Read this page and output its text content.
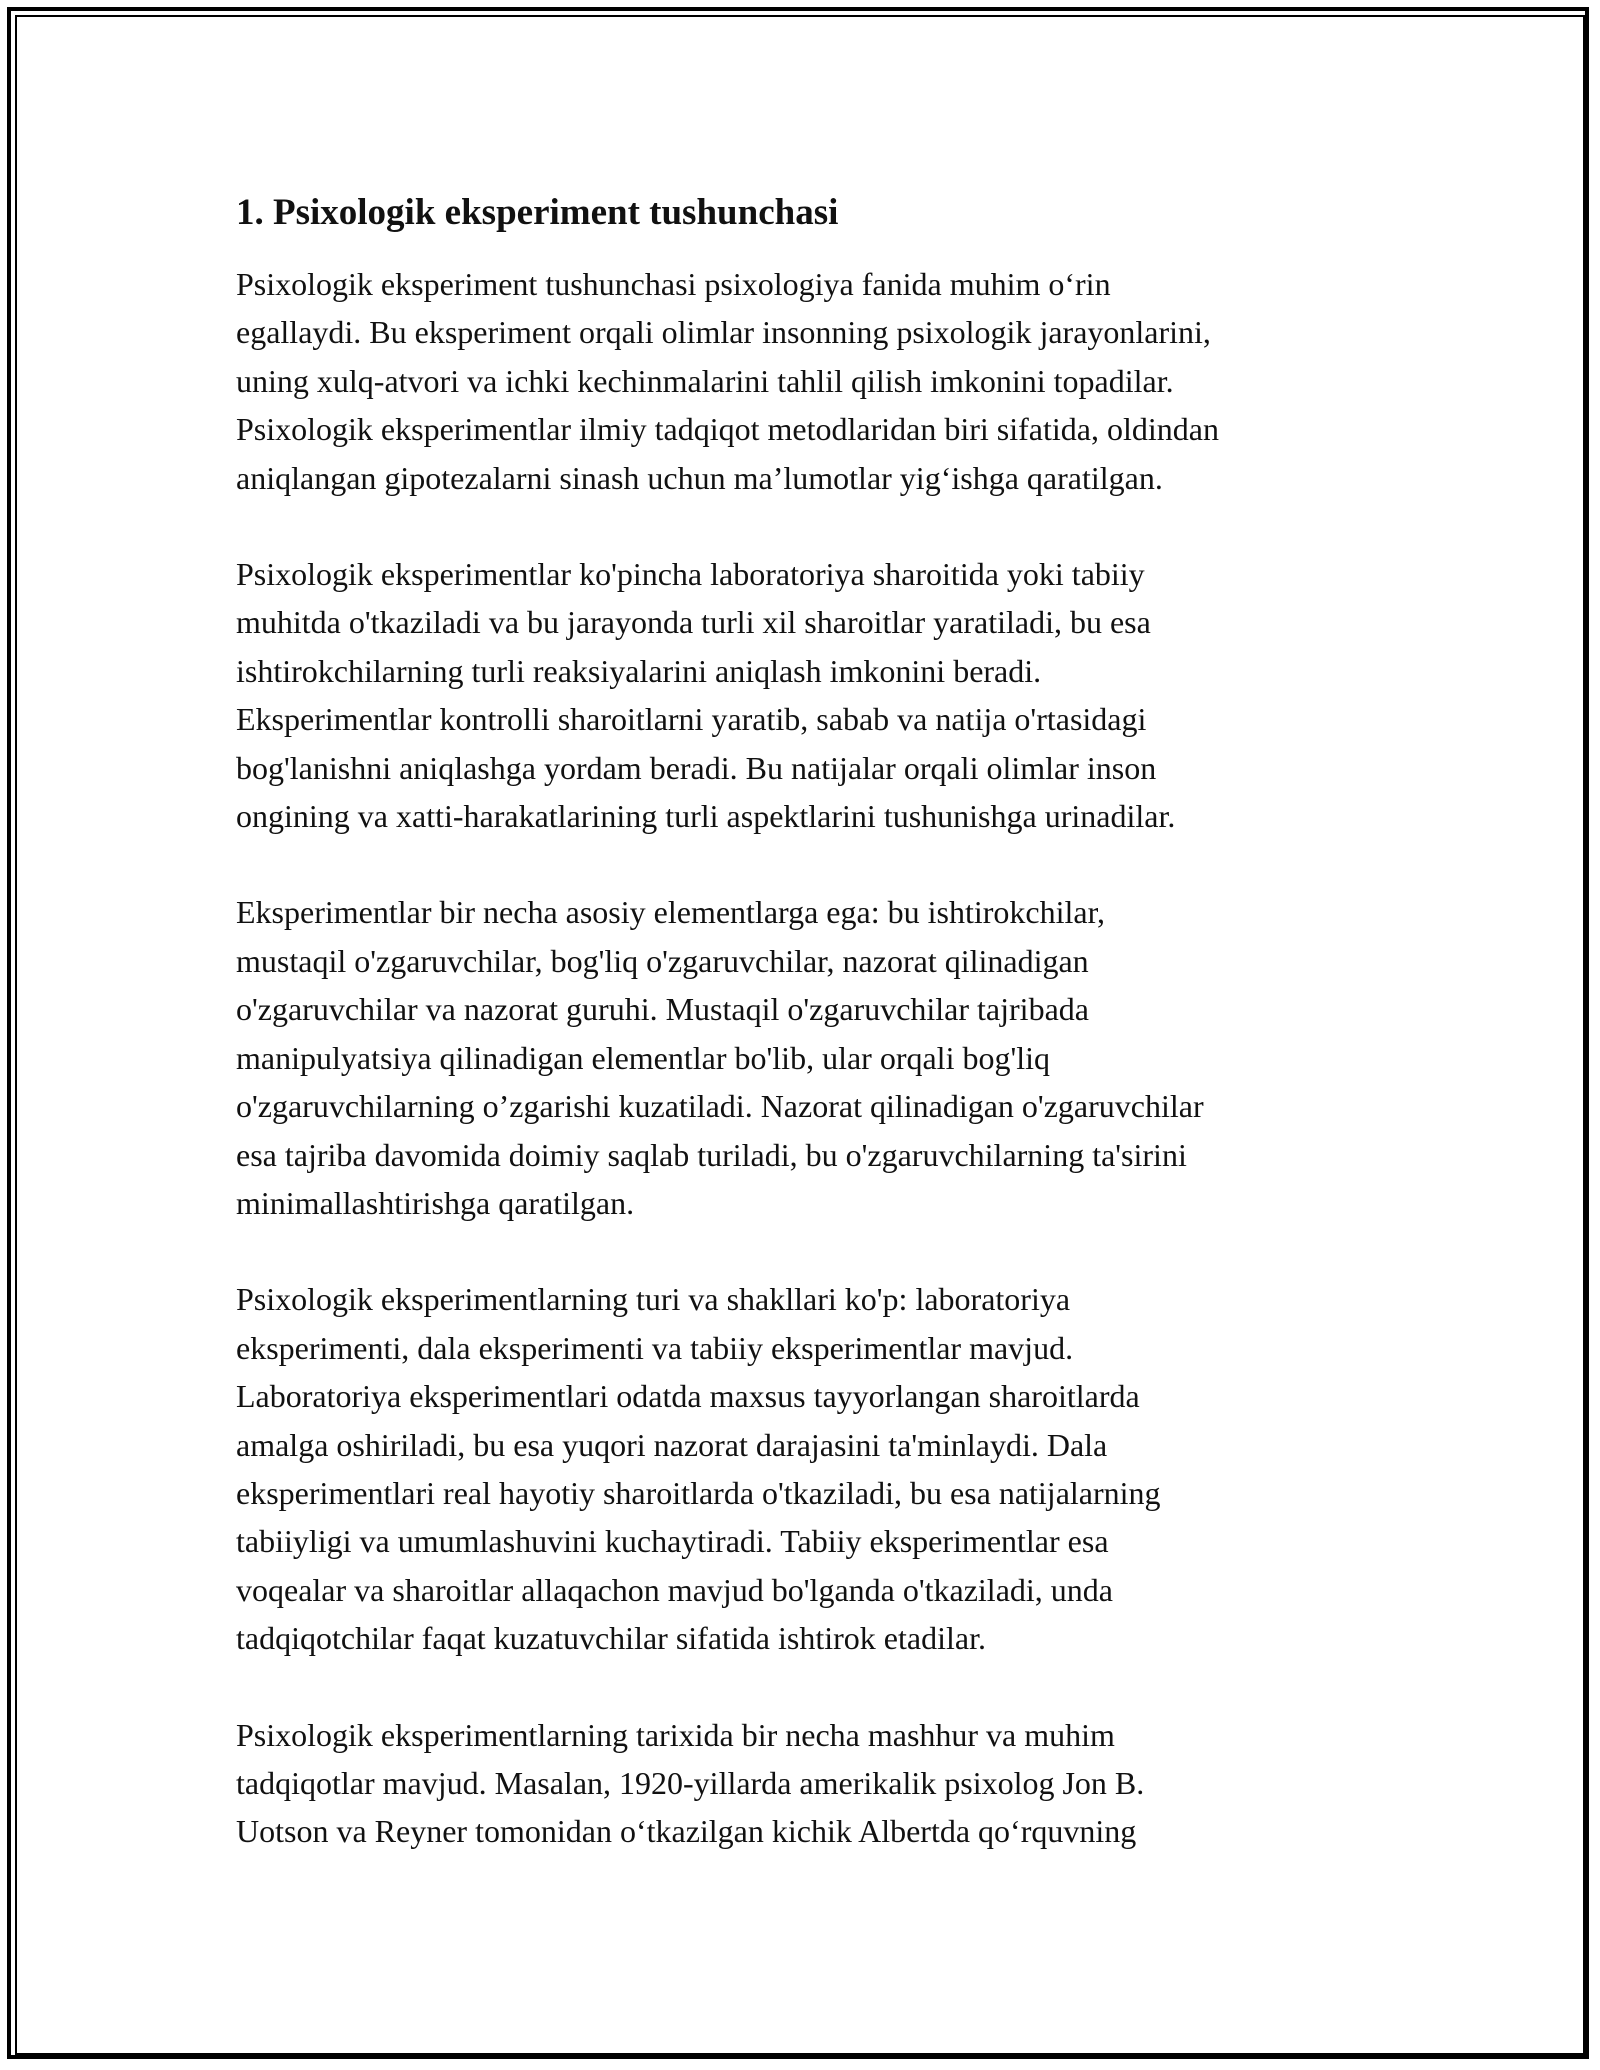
1. Psixologik eksperiment tushunchasi

Psixologik eksperiment tushunchasi psixologiya fanida muhim o‘rin
egallaydi. Bu eksperiment orqali olimlar insonning psixologik jarayonlarini,
uning xulq-atvori va ichki kechinmalarini tahlil qilish imkonini topadilar.
Psixologik eksperimentlar ilmiy tadqiqot metodlaridan biri sifatida, oldindan
aniqlangan gipotezalarni sinash uchun ma’lumotlar yig‘ishga qaratilgan.

Psixologik eksperimentlar ko'pincha laboratoriya sharoitida yoki tabiiy
muhitda o'tkaziladi va bu jarayonda turli xil sharoitlar yaratiladi, bu esa
ishtirokchilarning turli reaksiyalarini aniqlash imkonini beradi.
Eksperimentlar kontrolli sharoitlarni yaratib, sabab va natija o'rtasidagi
bog'lanishni aniqlashga yordam beradi. Bu natijalar orqali olimlar inson
ongining va xatti-harakatlarining turli aspektlarini tushunishga urinadilar.

Eksperimentlar bir necha asosiy elementlarga ega: bu ishtirokchilar,
mustaqil o'zgaruvchilar, bog'liq o'zgaruvchilar, nazorat qilinadigan
o'zgaruvchilar va nazorat guruhi. Mustaqil o'zgaruvchilar tajribada
manipulyatsiya qilinadigan elementlar bo'lib, ular orqali bog'liq
o'zgaruvchilarning o’zgarishi kuzatiladi. Nazorat qilinadigan o'zgaruvchilar
esa tajriba davomida doimiy saqlab turiladi, bu o'zgaruvchilarning ta'sirini
minimallashtirishga qaratilgan.

Psixologik eksperimentlarning turi va shakllari ko'p: laboratoriya
eksperimenti, dala eksperimenti va tabiiy eksperimentlar mavjud.
Laboratoriya eksperimentlari odatda maxsus tayyorlangan sharoitlarda
amalga oshiriladi, bu esa yuqori nazorat darajasini ta'minlaydi. Dala
eksperimentlari real hayotiy sharoitlarda o'tkaziladi, bu esa natijalarning
tabiiyligi va umumlashuvini kuchaytiradi. Tabiiy eksperimentlar esa
voqealar va sharoitlar allaqachon mavjud bo'lganda o'tkaziladi, unda
tadqiqotchilar faqat kuzatuvchilar sifatida ishtirok etadilar.

Psixologik eksperimentlarning tarixida bir necha mashhur va muhim
tadqiqotlar mavjud. Masalan, 1920-yillarda amerikalik psixolog Jon B.
Uotson va Reyner tomonidan o‘tkazilgan kichik Albertda qo‘rquvning
